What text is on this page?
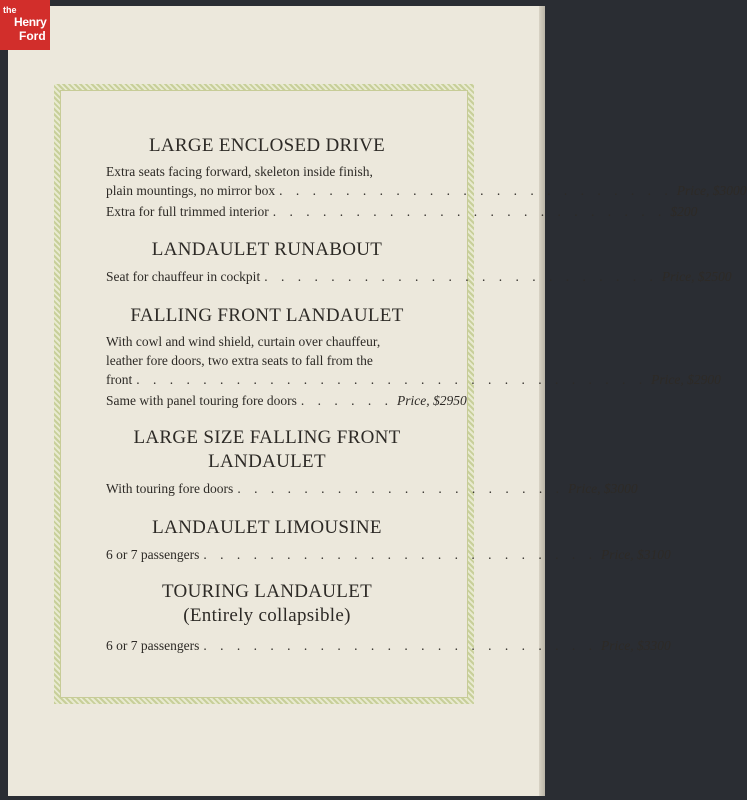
the
Henry
Ford
LARGE ENCLOSED DRIVE
Extra seats facing forward, skeleton inside finish,
plain mountings, no mirror box . . . . . . . . . . . . . . . . . . . . . . . . Price, $3000
Extra for full trimmed interior . . . . . . . . . . . . . . . . . . . . . . . . $200
LANDAULET RUNABOUT
Seat for chauffeur in cockpit . . . . . . . . . . . . . . . . . . . . . . . . Price, $2500
FALLING FRONT LANDAULET
With cowl and wind shield, curtain over chauffeur,
leather fore doors, two extra seats to fall from the
front . . . . . . . . . . . . . . . . . . . . . . . . . . . . . . . Price, $2900
Same with panel touring fore doors . . . . . . Price, $2950
LARGE SIZE FALLING FRONT
LANDAULET
With touring fore doors . . . . . . . . . . . . . . . . . . . . Price, $3000
LANDAULET LIMOUSINE
6 or 7 passengers . . . . . . . . . . . . . . . . . . . . . . . . Price, $3100
TOURING LANDAULET
(Entirely collapsible)
6 or 7 passengers . . . . . . . . . . . . . . . . . . . . . . . . Price, $3300
